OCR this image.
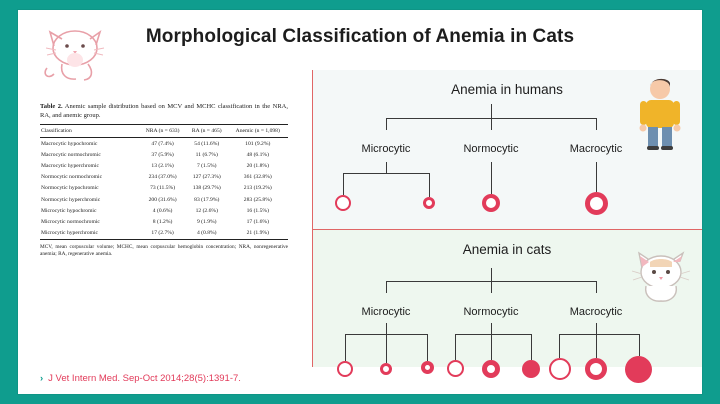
Morphological Classification of Anemia in Cats
Table 2. Anemic sample distribution based on MCV and MCHC classification in the NRA, RA, and anemic group.
Classification	NRA (n = 633)	RA (n = 465)	Anemic (n = 1,098)
Macrocytic hypochromic	47 (7.4%)	54 (11.6%)	101 (9.2%)
Macrocytic normochromic	37 (5.9%)	11 (6.7%)	48 (6.1%)
Macrocytic hyperchromic	13 (2.1%)	7 (1.5%)	20 (1.8%)
Normocytic normochromic	234 (37.0%)	127 (27.3%)	361 (32.8%)
Normocytic hypochromic	73 (11.5%)	138 (29.7%)	213 (19.2%)
Normocytic hyperchromic	200 (31.6%)	83 (17.9%)	283 (25.8%)
Microcytic hypochromic	4 (0.6%)	12 (2.6%)	16 (1.5%)
Microcytic normochromic	8 (1.2%)	9 (1.9%)	17 (1.6%)
Microcytic hyperchromic	17 (2.7%)	4 (0.8%)	21 (1.9%)
MCV, mean corpuscular volume; MCHC, mean corpuscular hemoglobin concentration; NRA, nonregenerative anemia; RA, regenerative anemia.
Anemia in humans
Anemia in cats
Microcytic	Normocytic	Macrocytic
Microcytic	Normocytic	Macrocytic
› J Vet Intern Med. Sep-Oct 2014;28(5):1391-7.
